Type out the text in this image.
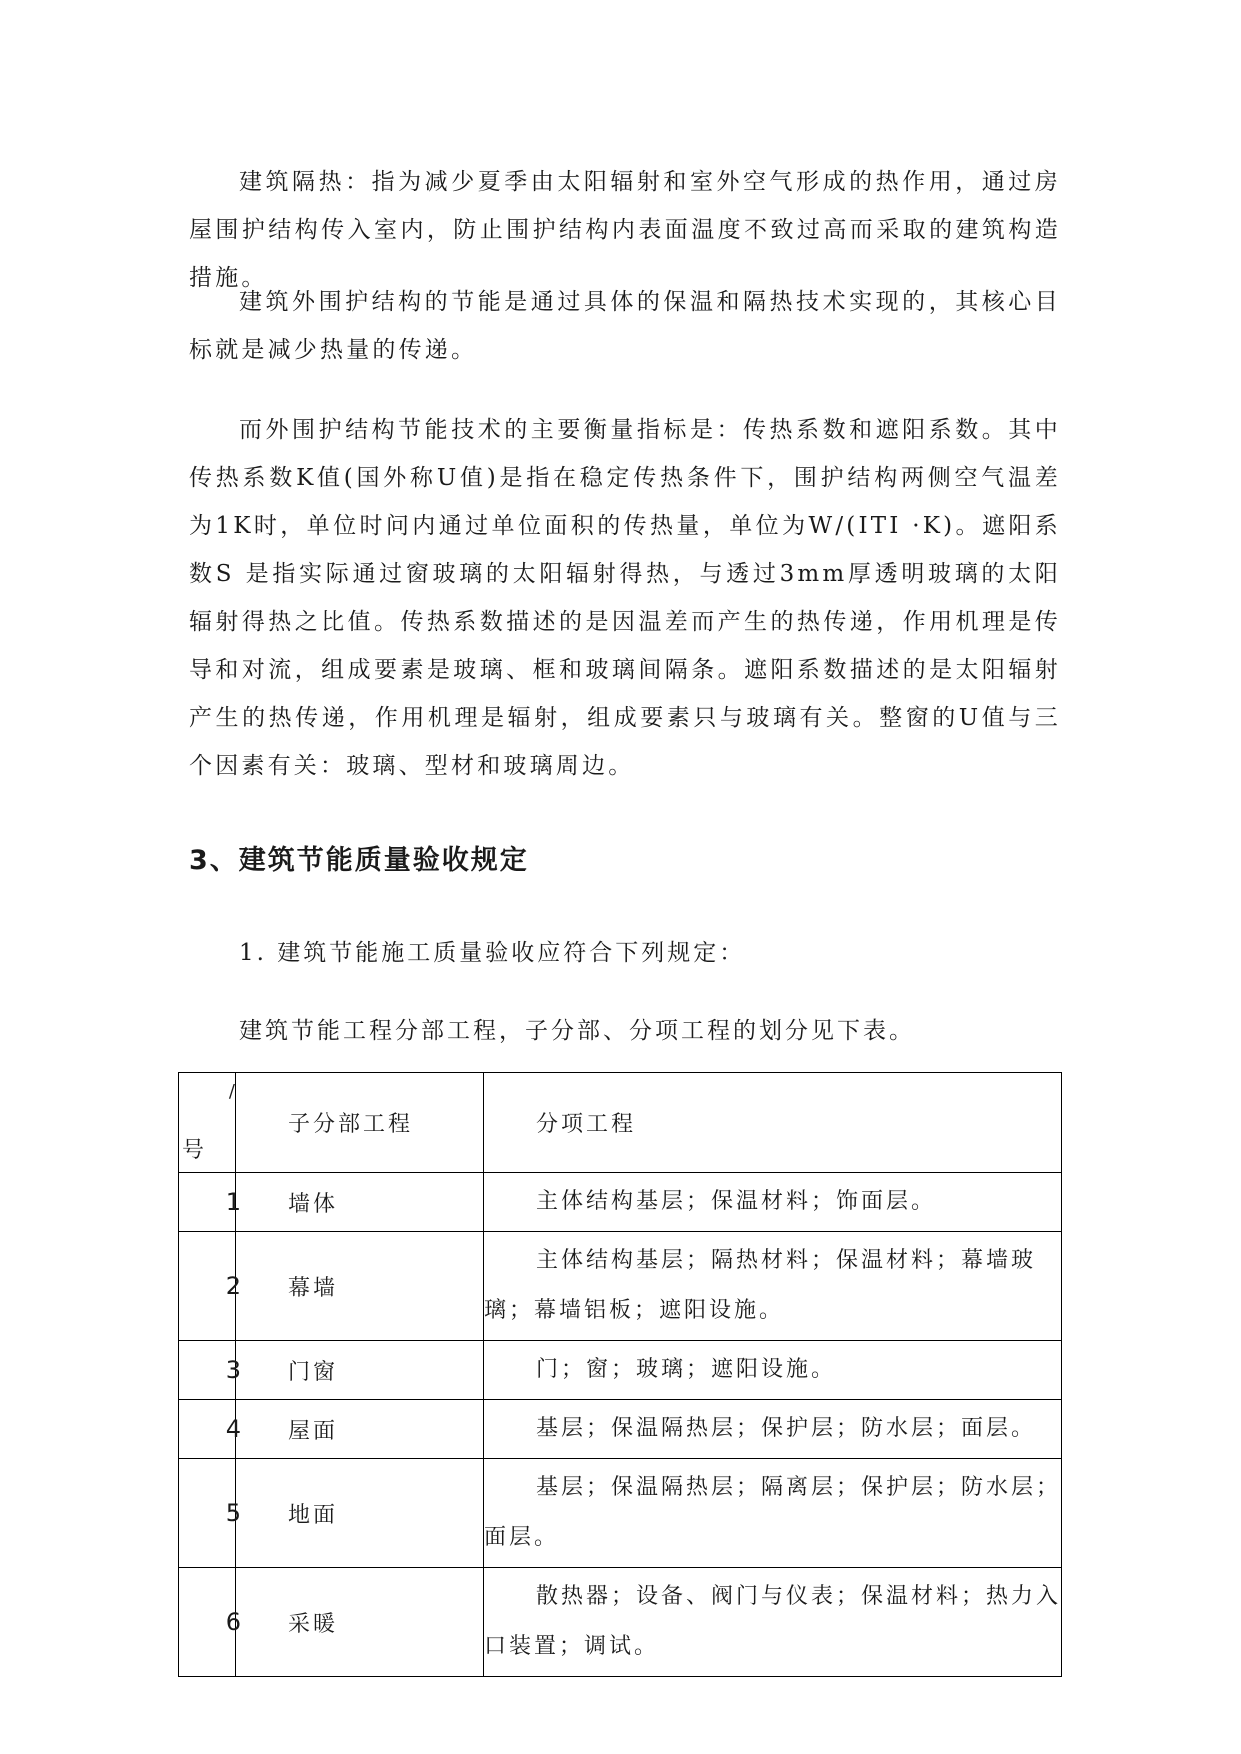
建筑隔热：指为减少夏季由太阳辐射和室外空气形成的热作用，通过房屋围护结构传入室内，防止围护结构内表面温度不致过高而采取的建筑构造措施。

建筑外围护结构的节能是通过具体的保温和隔热技术实现的，其核心目标就是减少热量的传递。

而外围护结构节能技术的主要衡量指标是：传热系数和遮阳系数。其中传热系数K值(国外称U值)是指在稳定传热条件下，围护结构两侧空气温差为1K时，单位时问内通过单位面积的传热量，单位为W/(ITI ·K)。遮阳系数S 是指实际通过窗玻璃的太阳辐射得热，与透过3mm厚透明玻璃的太阳辐射得热之比值。传热系数描述的是因温差而产生的热传递，作用机理是传导和对流，组成要素是玻璃、框和玻璃间隔条。遮阳系数描述的是太阳辐射产生的热传递，作用机理是辐射，组成要素只与玻璃有关。整窗的U值与三个因素有关：玻璃、型材和玻璃周边。

3、建筑节能质量验收规定

1. 建筑节能施工质量验收应符合下列规定：

建筑节能工程分部工程，子分部、分项工程的划分见下表。

/
号	子分部工程	分项工程

1	墙体	主体结构基层；保温材料；饰面层。

2	幕墙	主体结构基层；隔热材料；保温材料；幕墙玻璃；幕墙铝板；遮阳设施。

3	门窗	门；窗；玻璃；遮阳设施。

4	屋面	基层；保温隔热层；保护层；防水层；面层。

5	地面	基层；保温隔热层；隔离层；保护层；防水层；面层。

6	采暖	散热器；设备、阀门与仪表；保温材料；热力入口装置；调试。
